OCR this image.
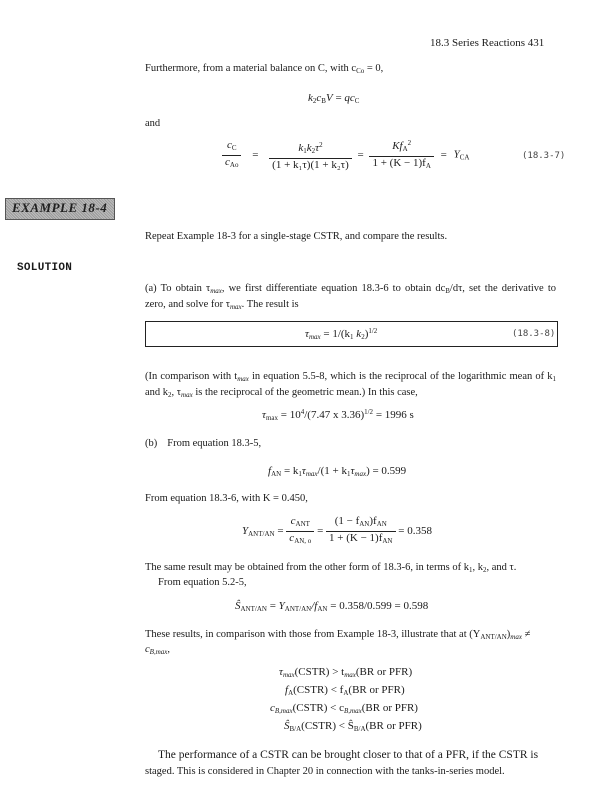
18.3 Series Reactions 431
Furthermore, from a material balance on C, with $c_{Co} = 0$,
$k_2c_BV = qc_C$
and
$\frac{c_C}{c_{Ao}} = \frac{k_1k_2\tau^2}{\text{(1 + k₁τ)(1 + k₂τ)}} = \frac{Kf_A^2}{1 + (K - 1)f_A} = Y_{CA}$	(18.3-7)
EXAMPLE 18-4
Repeat Example 18-3 for a single-stage CSTR, and compare the results.
SOLUTION
(a) To obtain $\tau_{max}$, we first differentiate equation 18.3-6 to obtain $dc_B/d\tau$, set the derivative to zero, and solve for $\tau_{max}$. The result is
$\tau_{max} = 1/(k_1$ $k_2)^{1/2}$	(18.3-8)
(In comparison with $t_{max}$ in equation 5.5-8, which is the reciprocal of the logarithmic mean of $k_1$ and $k_2$, $\tau_{max}$ is the reciprocal of the geometric mean.) In this case,
$\tau_{max} = 10^4/(7.47$ x 3.36)$^{1/2}$ = 1996 s
(b) From equation 18.3-5,
$f_{AN} = k_1\tau_{max}/(1 + k_1\tau_{max}) = 0.599$
From equation 18.3-6, with K = 0.450,
$Y_{ANT/AN} = \frac{c_{ANT}}{c_{AN, o}} = \frac{(1 - f_{AN})f_{AN}}{1 + (K - 1)f_{AN}} = 0.358$
The same result may be obtained from the other form of 18.3-6, in terms of $k_1$, $k_2$, and τ.
From equation 5.2-5,
$Ŝ_{ANT/AN} = Y_{ANT/AN}/f_{AN} = 0.358/0.599 = 0.598$
These results, in comparison with those from Example 18-3, illustrate that at $(Y_{ANT/AN})_{max}$ ≠
$c_{B,max}$,
$\tau_{max}(CSTR) > t_{max}(BR$ or PFR)
$f_A(CSTR) < f_A(BR$ or PFR)
$c_{B,max}(CSTR) < c_{B,max}(BR$ or PFR)
$Ŝ_{B/A}(CSTR)$ < $Ŝ_{B/A}(BR$ or PFR)
The performance of a CSTR can be brought closer to that of a PFR, if the CSTR is
staged. This is considered in Chapter 20 in connection with the tanks-in-series model.
